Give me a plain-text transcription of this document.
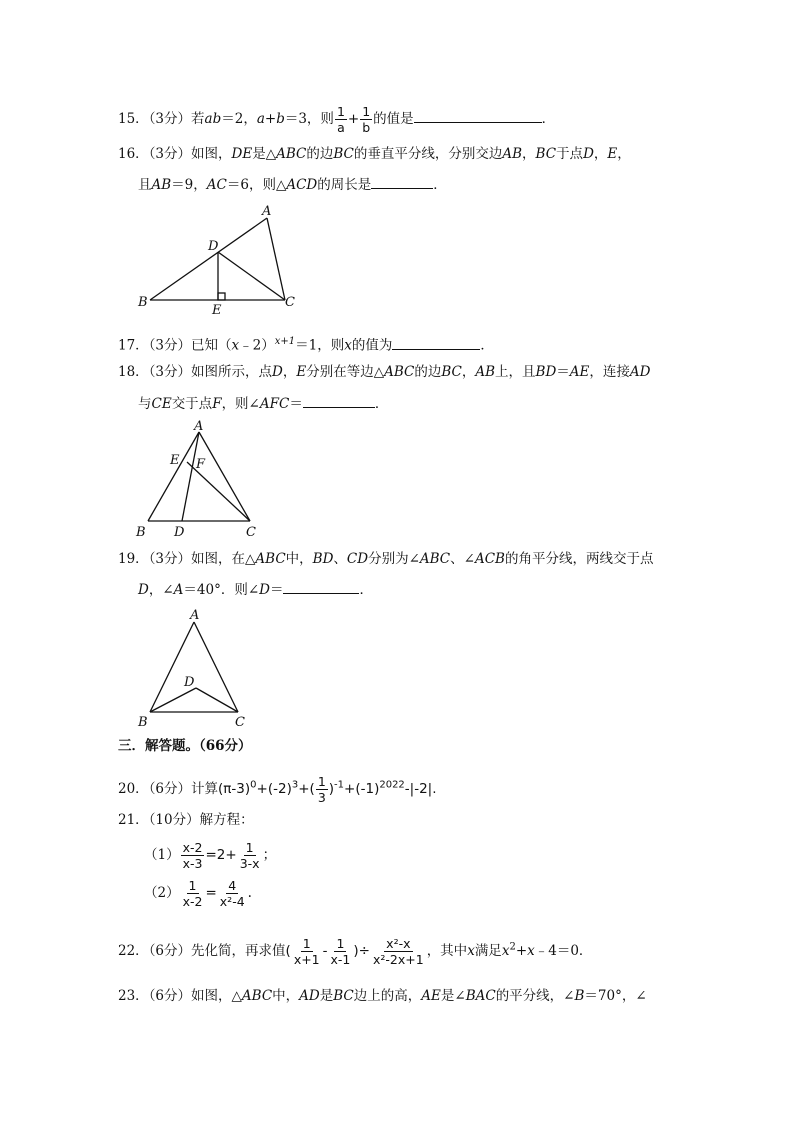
15．（3分）若ab＝2，a+b＝3，则 $\frac{1}{a} + \frac{1}{b}$ 的值是	．
16．（3分）如图，DE是△ABC的边BC的垂直平分线，分别交边AB，BC于点D，E，
且AB＝9，AC＝6，则△ACD的周长是	．
A
B	C
D
E
17．（3分）已知（x﹣2）$^{x+1}$＝1，则x的值为	．
18．（3分）如图所示，点D，E分别在等边△ABC的边BC，AB上，且BD＝AE，连接AD
与CE交于点F，则∠AFC＝	．
A
B	C
D
E F
19．（3分）如图，在△ABC中，BD、CD分别为∠ABC、∠ACB的角平分线，两线交于点
D，∠A＝40°．则∠D＝	．
A
B	C
D
三．解答题。（66分）
20．（6分）计算$(\pi-3)^0+(-2)^3+( \frac{1}{3} )^{-1}+(-1)^{2022}-|-2|$.
21．（10分）解方程：
$(1) \frac{x-2}{x-3} =2+ \frac{1}{3-x}$ ；
$(2) \frac{1}{x-2} = \frac{4}{\text{x²-4}}$ .
22．（6分）先化简，再求值( $\frac{1}{x+1} - \frac{1}{x-1}$ )÷ $\frac{\text{x²-x}}{\text{x²-2x+1}}$ ，其中x满足$x^2+x﹣4=0$．
23．（6分）如图，△ABC中，AD是BC边上的高，AE是∠BAC的平分线，∠B＝70°，∠
